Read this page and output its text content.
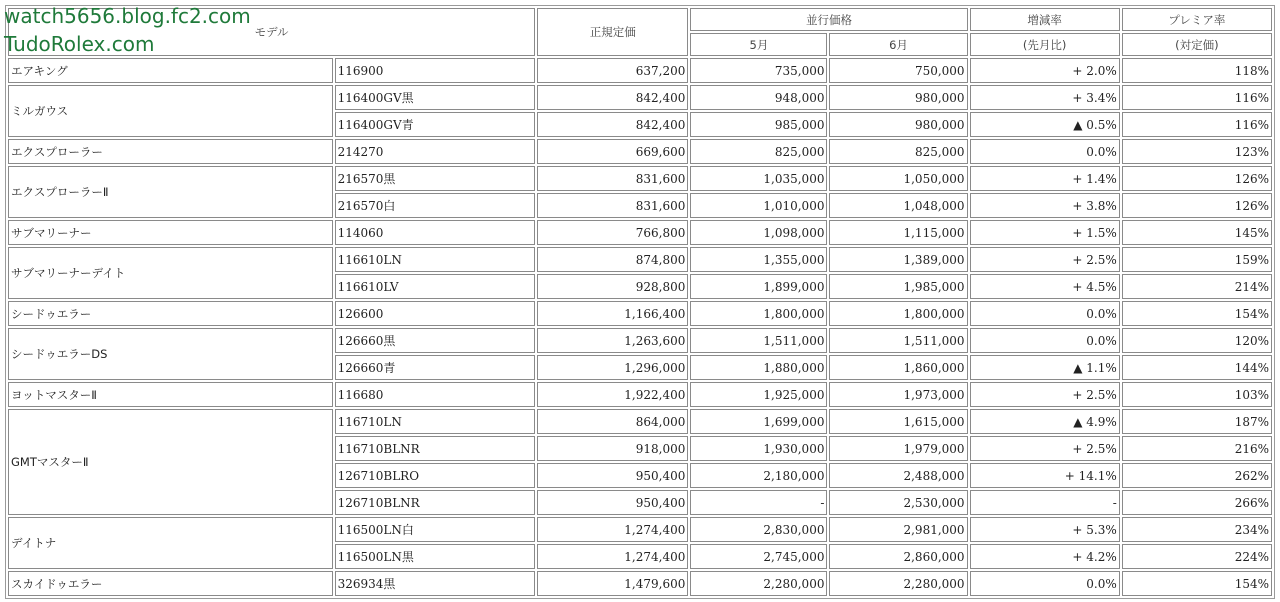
watch5656.blog.fc2.com
TudoRolex.com	モデル		正規定価	並行価格		増減率	プレミア率
			5月	6月	(先月比)	(対定価)
エアキング	116900	637,200	735,000	750,000	+ 2.0%	118%
ミルガウス	116400GV黒	842,400	948,000	980,000	+ 3.4%	116%
	116400GV青	842,400	985,000	980,000	▲ 0.5%	116%
エクスプローラー	214270	669,600	825,000	825,000	0.0%	123%
エクスプローラーⅡ	216570黒	831,600	1,035,000	1,050,000	+ 1.4%	126%
	216570白	831,600	1,010,000	1,048,000	+ 3.8%	126%
サブマリーナー	114060	766,800	1,098,000	1,115,000	+ 1.5%	145%
サブマリーナーデイト	116610LN	874,800	1,355,000	1,389,000	+ 2.5%	159%
	116610LV	928,800	1,899,000	1,985,000	+ 4.5%	214%
シードゥエラー	126600	1,166,400	1,800,000	1,800,000	0.0%	154%
シードゥエラーDS	126660黒	1,263,600	1,511,000	1,511,000	0.0%	120%
	126660青	1,296,000	1,880,000	1,860,000	▲ 1.1%	144%
ヨットマスターⅡ	116680	1,922,400	1,925,000	1,973,000	+ 2.5%	103%
GMTマスターⅡ	116710LN	864,000	1,699,000	1,615,000	▲ 4.9%	187%
	116710BLNR	918,000	1,930,000	1,979,000	+ 2.5%	216%
	126710BLRO	950,400	2,180,000	2,488,000	+ 14.1%	262%
	126710BLNR	950,400	-	2,530,000	-	266%
デイトナ	116500LN白	1,274,400	2,830,000	2,981,000	+ 5.3%	234%
	116500LN黒	1,274,400	2,745,000	2,860,000	+ 4.2%	224%
スカイドゥエラー	326934黒	1,479,600	2,280,000	2,280,000	0.0%	154%
